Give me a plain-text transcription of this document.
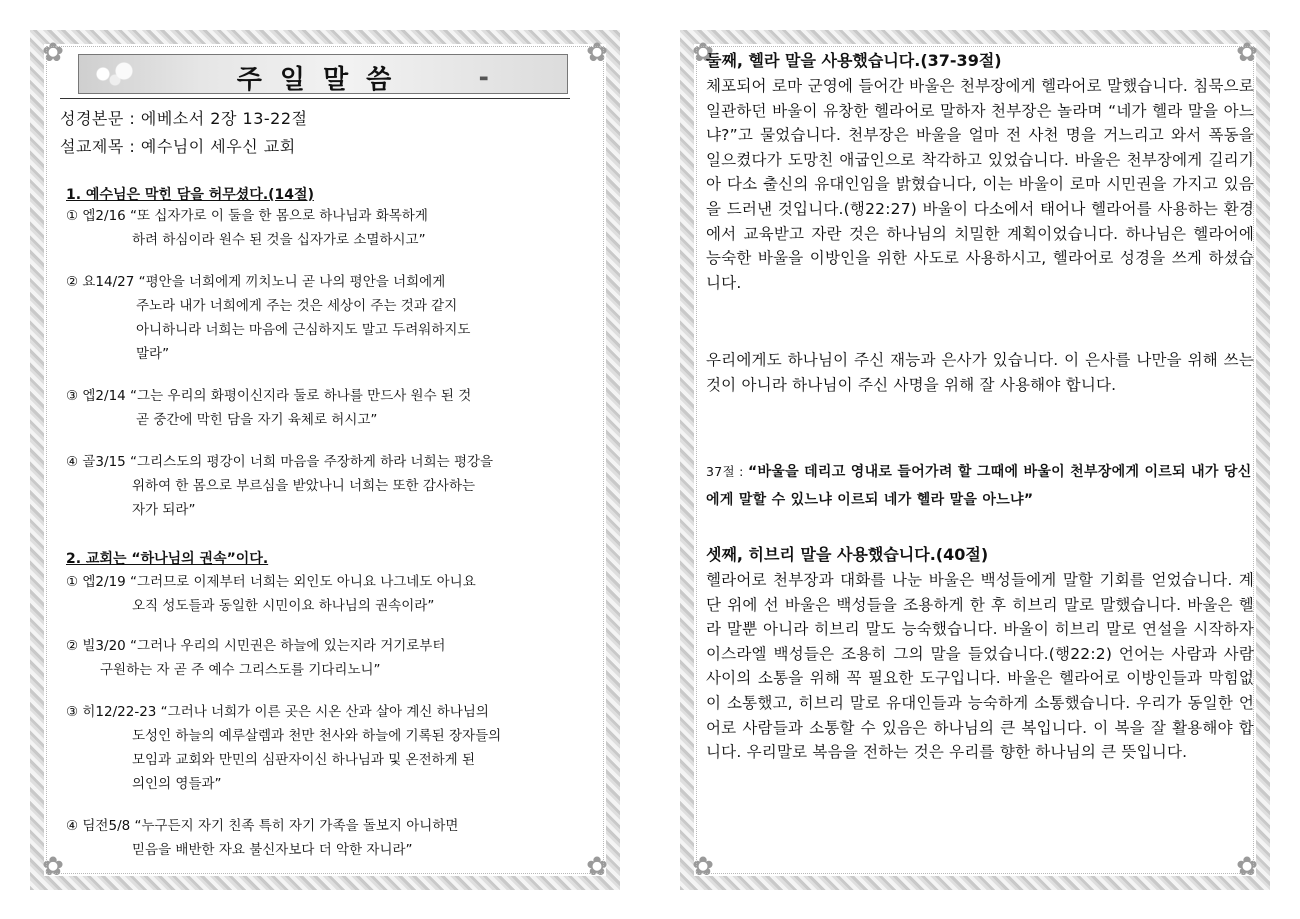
✿	✿
✿	✿
주일말씀	▬
성경본문 : 에베소서 2장 13-22절
설교제목 : 예수님이 세우신 교회
1. 예수님은 막힌 담을 허무셨다.(14절)
① 엡2/16 “또 십자가로 이 둘을 한 몸으로 하나님과 화목하게
하려 하심이라 원수 된 것을 십자가로 소멸하시고”
② 요14/27 “평안을 너희에게 끼치노니 곧 나의 평안을 너희에게
주노라 내가 너희에게 주는 것은 세상이 주는 것과 같지
아니하니라 너희는 마음에 근심하지도 말고 두려워하지도
말라”
③ 엡2/14 “그는 우리의 화평이신지라 둘로 하나를 만드사 원수 된 것
곧 중간에 막힌 담을 자기 육체로 허시고”
④ 골3/15 “그리스도의 평강이 너희 마음을 주장하게 하라 너희는 평강을
위하여 한 몸으로 부르심을 받았나니 너희는 또한 감사하는
자가 되라”
2. 교회는 “하나님의 권속”이다.
① 엡2/19 “그러므로 이제부터 너희는 외인도 아니요 나그네도 아니요
오직 성도들과 동일한 시민이요 하나님의 권속이라”
② 빌3/20 “그러나 우리의 시민권은 하늘에 있는지라 거기로부터
구원하는 자 곧 주 예수 그리스도를 기다리노니”
③ 히12/22-23 “그러나 너희가 이른 곳은 시온 산과 살아 계신 하나님의
도성인 하늘의 예루살렘과 천만 천사와 하늘에 기록된 장자들의
모임과 교회와 만민의 심판자이신 하나님과 및 온전하게 된
의인의 영들과”
④ 딤전5/8 “누구든지 자기 친족 특히 자기 가족을 돌보지 아니하면
믿음을 배반한 자요 불신자보다 더 악한 자니라”
✿	✿
✿	✿
둘째, 헬라 말을 사용했습니다.(37-39절)
체포되어 로마 군영에 들어간 바울은 천부장에게 헬라어로 말했습니다. 침묵으로 일관하던 바울이 유창한 헬라어로 말하자 천부장은 놀라며 “네가 헬라 말을 아느냐?”고 물었습니다. 천부장은 바울을 얼마 전 사천 명을 거느리고 와서 폭동을 일으켰다가 도망친 애굽인으로 착각하고 있었습니다. 바울은 천부장에게 길리기아 다소 출신의 유대인임을 밝혔습니다, 이는 바울이 로마 시민권을 가지고 있음을 드러낸 것입니다.(행22:27) 바울이 다소에서 태어나 헬라어를 사용하는 환경에서 교육받고 자란 것은 하나님의 치밀한 계획이었습니다. 하나님은 헬라어에 능숙한 바울을 이방인을 위한 사도로 사용하시고, 헬라어로 성경을 쓰게 하셨습니다.
우리에게도 하나님이 주신 재능과 은사가 있습니다. 이 은사를 나만을 위해 쓰는 것이 아니라 하나님이 주신 사명을 위해 잘 사용해야 합니다.
37절 : “바울을 데리고 영내로 들어가려 할 그때에 바울이 천부장에게 이르되 내가 당신에게 말할 수 있느냐 이르되 네가 헬라 말을 아느냐”
셋째, 히브리 말을 사용했습니다.(40절)
헬라어로 천부장과 대화를 나눈 바울은 백성들에게 말할 기회를 얻었습니다. 계단 위에 선 바울은 백성들을 조용하게 한 후 히브리 말로 말했습니다. 바울은 헬라 말뿐 아니라 히브리 말도 능숙했습니다. 바울이 히브리 말로 연설을 시작하자 이스라엘 백성들은 조용히 그의 말을 들었습니다.(행22:2) 언어는 사람과 사람 사이의 소통을 위해 꼭 필요한 도구입니다. 바울은 헬라어로 이방인들과 막힘없이 소통했고, 히브리 말로 유대인들과 능숙하게 소통했습니다. 우리가 동일한 언어로 사람들과 소통할 수 있음은 하나님의 큰 복입니다. 이 복을 잘 활용해야 합니다. 우리말로 복음을 전하는 것은 우리를 향한 하나님의 큰 뜻입니다.
